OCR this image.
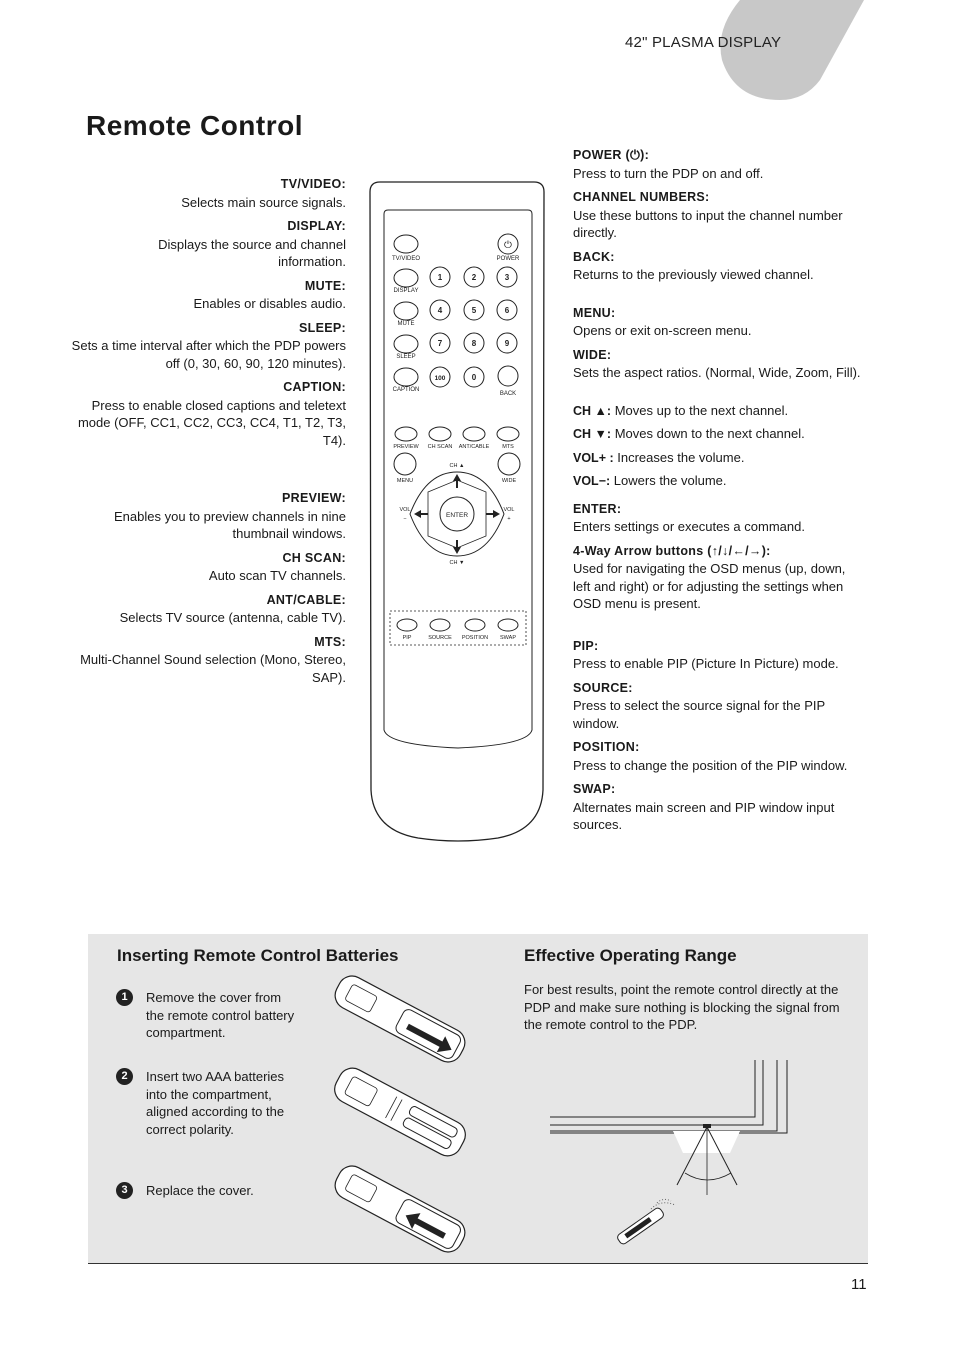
42" PLASMA DISPLAY
Remote Control
TV/VIDEO:
Selects main source signals.
DISPLAY:
Displays the source and channel information.
MUTE:
Enables or disables audio.
SLEEP:
Sets a time interval after which the PDP powers off (0, 30, 60, 90, 120 minutes).
CAPTION:
Press to enable closed captions and teletext mode (OFF, CC1, CC2, CC3, CC4, T1, T2, T3, T4).
PREVIEW:
Enables you to preview channels in nine thumbnail windows.
CH SCAN:
Auto scan TV channels.
ANT/CABLE:
Selects TV source (antenna, cable TV).
MTS:
Multi-Channel Sound selection (Mono, Stereo, SAP).
TV/VIDEO
⏻
POWER
DISPLAY
MUTE
SLEEP
CAPTION
BACK
1	2	3
4	5	6
7	8	9
100	0
PREVIEW CH SCAN ANT/CABLE MTS
MENU	WIDE
CH ▲
CH ▼
VOL
−
VOL
+
ENTER
PIP	SOURCE POSITION SWAP
POWER (⏻):
Press to turn the PDP on and off.
CHANNEL NUMBERS:
Use these buttons to input the channel number directly.
BACK:
Returns to the previously viewed channel.
MENU:
Opens or exit on-screen menu.
WIDE:
Sets the aspect ratios. (Normal, Wide, Zoom, Fill).
CH ▲: Moves up to the next channel.
CH ▼: Moves down to the next channel.
VOL+ : Increases the volume.
VOL−: Lowers the volume.
ENTER:
Enters settings or executes a command.
4-Way Arrow buttons (↑/↓/←/→):
Used for navigating the OSD menus (up, down, left and right) or for adjusting the settings when OSD menu is present.
PIP:
Press to enable PIP (Picture In Picture) mode.
SOURCE:
Press to select the source signal for the PIP window.
POSITION:
Press to change the position of the PIP window.
SWAP:
Alternates main screen and PIP window input sources.
Inserting Remote Control Batteries	Effective Operating Range
1	Remove the cover from the remote control battery compartment.
2	Insert two AAA batteries into the compartment, aligned according to the correct polarity.
3	Replace the cover.
For best results, point the remote control directly at the PDP and make sure nothing is blocking the signal from the remote control to the PDP.
11
